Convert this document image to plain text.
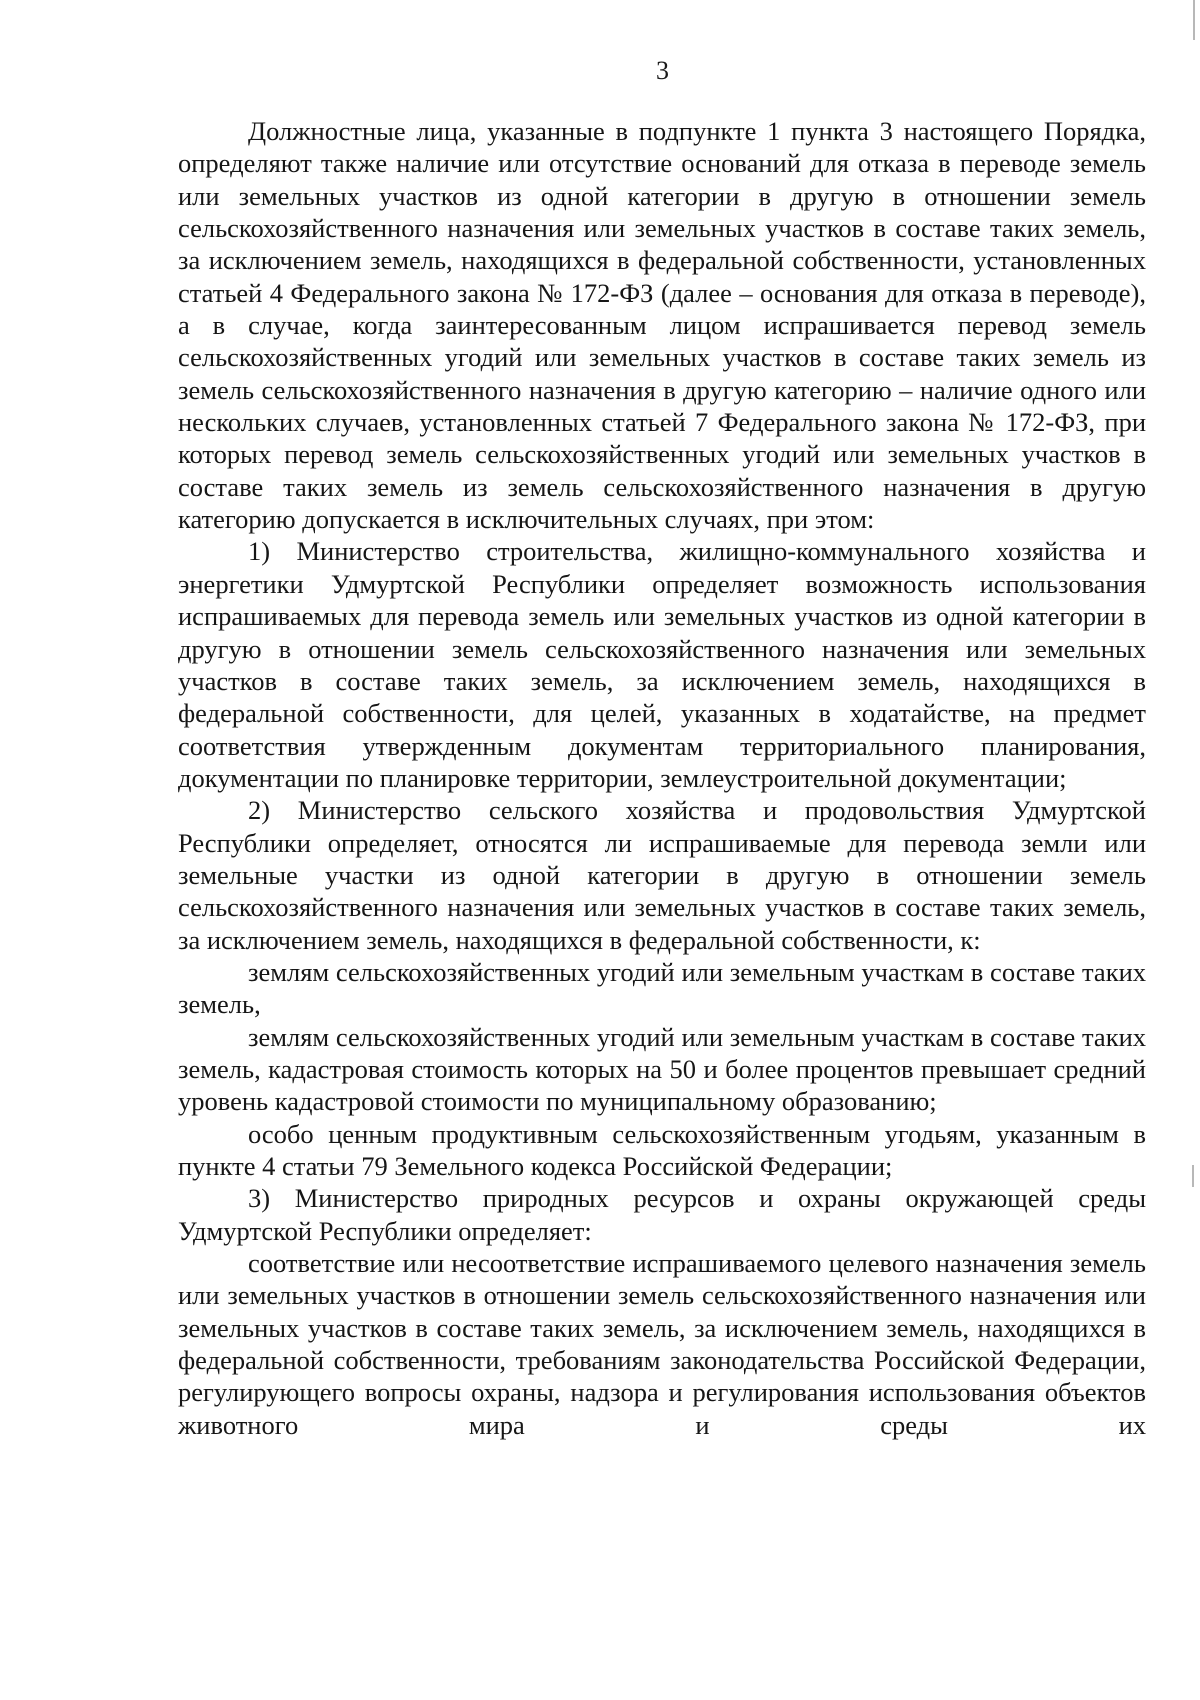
3

Должностные лица, указанные в подпункте 1 пункта 3 настоящего Порядка, определяют также наличие или отсутствие оснований для отказа в переводе земель или земельных участков из одной категории в другую в отношении земель сельскохозяйственного назначения или земельных участков в составе таких земель, за исключением земель, находящихся в федеральной собственности, установленных статьей 4 Федерального закона № 172-ФЗ (далее – основания для отказа в переводе), а в случае, когда заинтересованным лицом испрашивается перевод земель сельскохозяйственных угодий или земельных участков в составе таких земель из земель сельскохозяйственного назначения в другую категорию – наличие одного или нескольких случаев, установленных статьей 7 Федерального закона № 172-ФЗ, при которых перевод земель сельскохозяйственных угодий или земельных участков в составе таких земель из земель сельскохозяйственного назначения в другую категорию допускается в исключительных случаях, при этом:

1) Министерство строительства, жилищно-коммунального хозяйства и энергетики Удмуртской Республики определяет возможность использования испрашиваемых для перевода земель или земельных участков из одной категории в другую в отношении земель сельскохозяйственного назначения или земельных участков в составе таких земель, за исключением земель, находящихся в федеральной собственности, для целей, указанных в ходатайстве, на предмет соответствия утвержденным документам территориального планирования, документации по планировке территории, землеустроительной документации;

2) Министерство сельского хозяйства и продовольствия Удмуртской Республики определяет, относятся ли испрашиваемые для перевода земли или земельные участки из одной категории в другую в отношении земель сельскохозяйственного назначения или земельных участков в составе таких земель, за исключением земель, находящихся в федеральной собственности, к:

землям сельскохозяйственных угодий или земельным участкам в составе таких земель,

землям сельскохозяйственных угодий или земельным участкам в составе таких земель, кадастровая стоимость которых на 50 и более процентов превышает средний уровень кадастровой стоимости по муниципальному образованию;

особо ценным продуктивным сельскохозяйственным угодьям, указанным в пункте 4 статьи 79 Земельного кодекса Российской Федерации;

3) Министерство природных ресурсов и охраны окружающей среды Удмуртской Республики определяет:

соответствие или несоответствие испрашиваемого целевого назначения земель или земельных участков в отношении земель сельскохозяйственного назначения или земельных участков в составе таких земель, за исключением земель, находящихся в федеральной собственности, требованиям законодательства Российской Федерации, регулирующего вопросы охраны, надзора и регулирования использования объектов животного мира и среды их
